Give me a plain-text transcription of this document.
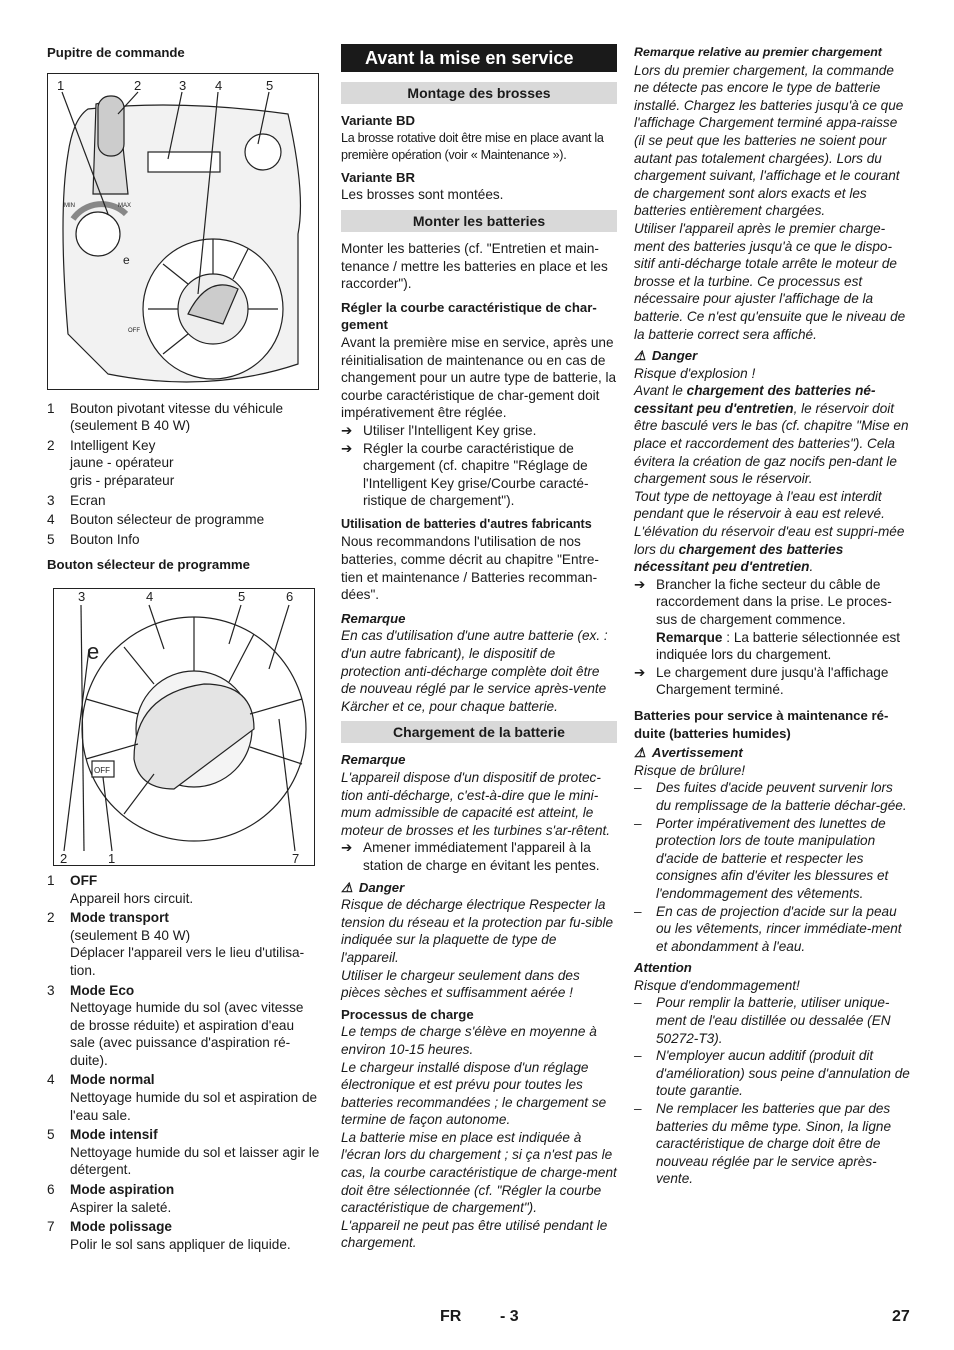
Pupitre de commande
1	2	3 4	5
MIN	MAX
OFF
e
1	Bouton pivotant vitesse du véhicule
(seulement B 40 W)
2	Intelligent Key
jaune - opérateur
gris - préparateur
3	Ecran
4	Bouton sélecteur de programme
5	Bouton Info
Bouton sélecteur de programme
3	4	5	6
2	1	7
OFF
e
1	OFF
Appareil hors circuit.
2	Mode transport
(seulement B 40 W)
Déplacer l'appareil vers le lieu d'utilisa-tion.
3	Mode Eco
Nettoyage humide du sol (avec vitesse de brosse réduite) et aspiration d'eau sale (avec puissance d'aspiration ré-duite).
4	Mode normal
Nettoyage humide du sol et aspiration de l'eau sale.
5	Mode intensif
Nettoyage humide du sol et laisser agir le détergent.
6	Mode aspiration
Aspirer la saleté.
7	Mode polissage
Polir le sol sans appliquer de liquide.
Avant la mise en service
Montage des brosses
Variante BD
La brosse rotative doit être mise en place avant la première opération (voir « Maintenance »).
Variante BR
Les brosses sont montées.
Monter les batteries
Monter les batteries (cf. "Entretien et main-tenance / mettre les batteries en place et les raccorder").
Régler la courbe caractéristique de char-gement
Avant la première mise en service, après une réinitialisation de maintenance ou en cas de changement pour un autre type de batterie, la courbe caractéristique de char-gement doit impérativement être réglée.
➔ Utiliser l'Intelligent Key grise.
➔ Régler la courbe caractéristique de chargement (cf. chapitre "Réglage de l'Intelligent Key grise/Courbe caracté-ristique de chargement").
Utilisation de batteries d'autres fabricants
Nous recommandons l'utilisation de nos batteries, comme décrit au chapitre "Entre-tien et maintenance / Batteries recomman-dées".
Remarque
En cas d'utilisation d'une autre batterie (ex. : d'un autre fabricant), le dispositif de protection anti-décharge complète doit être de nouveau réglé par le service après-vente Kärcher et ce, pour chaque batterie.
Chargement de la batterie
Remarque
L'appareil dispose d'un dispositif de protec-tion anti-décharge, c'est-à-dire que le mini-mum admissible de capacité est atteint, le moteur de brosses et les turbines s'ar-rêtent.
➔ Amener immédiatement l'appareil à la station de charge en évitant les pentes.
⚠ Danger
Risque de décharge électrique Respecter la tension du réseau et la protection par fu-sible indiquée sur la plaquette de type de l'appareil.
Utiliser le chargeur seulement dans des pièces sèches et suffisamment aérée !
Processus de charge
Le temps de charge s'élève en moyenne à environ 10-15 heures.
Le chargeur installé dispose d'un réglage électronique et est prévu pour toutes les batteries recommandées ; le chargement se termine de façon autonome.
La batterie mise en place est indiquée à l'écran lors du chargement ; si ça n'est pas le cas, la courbe caractéristique de charge-ment doit être sélectionnée (cf. "Régler la courbe caractéristique de chargement").
L'appareil ne peut pas être utilisé pendant le chargement.
Remarque relative au premier chargement
Lors du premier chargement, la commande ne détecte pas encore le type de batterie installé. Chargez les batteries jusqu'à ce que l'affichage Chargement terminé appa-raisse (il se peut que les batteries ne soient pour autant pas totalement chargées). Lors du chargement suivant, l'affichage et le courant de chargement sont alors exacts et les batteries entièrement chargées.
Utiliser l'appareil après le premier charge-ment des batteries jusqu'à ce que le dispo-sitif anti-décharge totale arrête le moteur de brosse et la turbine. Ce processus est nécessaire pour ajuster l'affichage de la batterie. Ce n'est qu'ensuite que le niveau de la batterie correct sera affiché.
⚠ Danger
Risque d'explosion !
Avant le chargement des batteries né-cessitant peu d'entretien, le réservoir doit être basculé vers le bas (cf. chapitre "Mise en place et raccordement des batteries"). Cela évitera la création de gaz nocifs pen-dant le chargement sous le réservoir.
Tout type de nettoyage à l'eau est interdit pendant que le réservoir à eau est relevé. L'élévation du réservoir d'eau est suppri-mée lors du chargement des batteries nécessitant peu d'entretien.
➔ Brancher la fiche secteur du câble de raccordement dans la prise. Le proces-sus de chargement commence.
Remarque : La batterie sélectionnée est indiquée lors du chargement.
➔ Le chargement dure jusqu'à l'affichage Chargement terminé.
Batteries pour service à maintenance ré-duite (batteries humides)
⚠ Avertissement
Risque de brûlure!
–	Des fuites d'acide peuvent survenir lors du remplissage de la batterie déchar-gée.
–	Porter impérativement des lunettes de protection lors de toute manipulation d'acide de batterie et respecter les consignes afin d'éviter les blessures et l'endommagement des vêtements.
–	En cas de projection d'acide sur la peau ou les vêtements, rincer immédiate-ment et abondamment à l'eau.
Attention
Risque d'endommagement!
–	Pour remplir la batterie, utiliser unique-ment de l'eau distillée ou dessalée (EN 50272-T3).
–	N'employer aucun additif (produit dit d'amélioration) sous peine d'annulation de toute garantie.
–	Ne remplacer les batteries que par des batteries du même type. Sinon, la ligne caractéristique de charge doit être de nouveau réglée par le service après-vente.
FR - 3	27
